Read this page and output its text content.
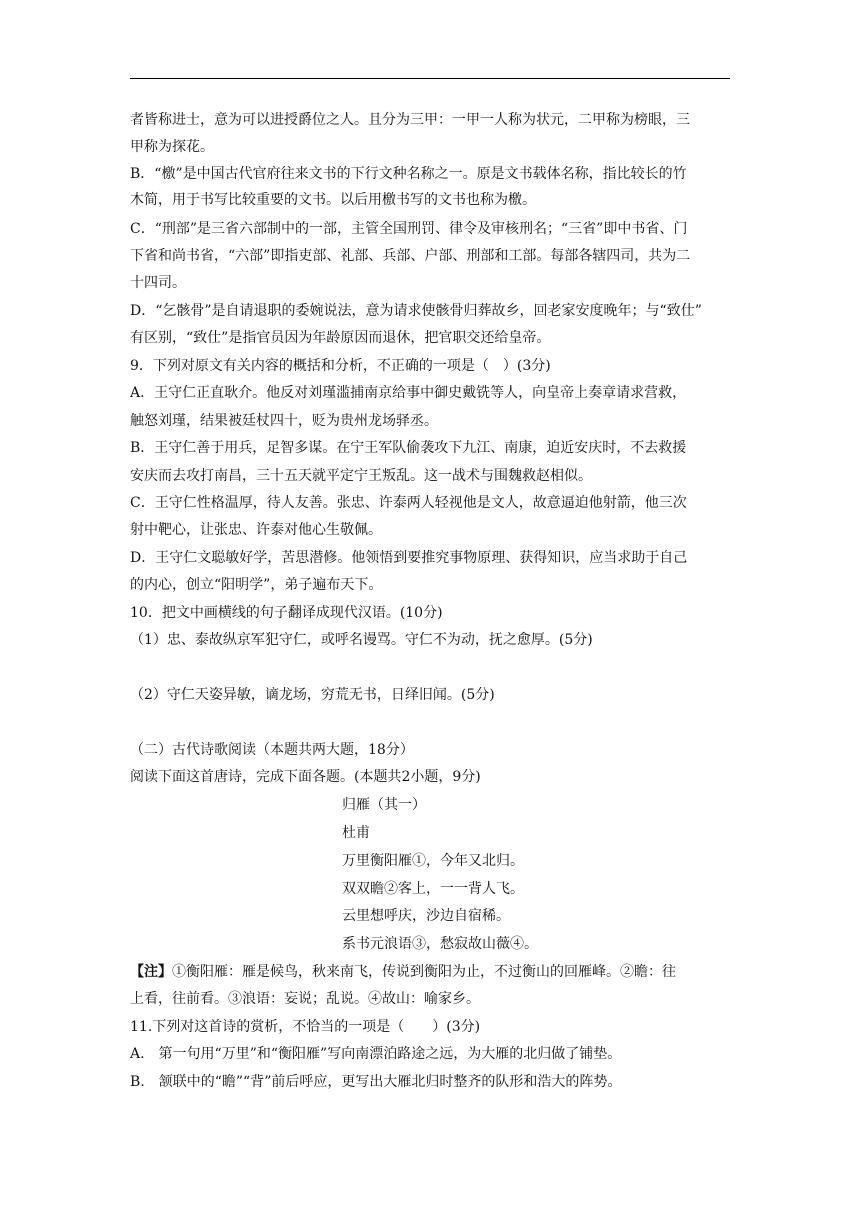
者皆称进士，意为可以进授爵位之人。且分为三甲：一甲一人称为状元，二甲称为榜眼，三
甲称为探花。
B．“檄”是中国古代官府往来文书的下行文种名称之一。原是文书载体名称，指比较长的竹
木简，用于书写比较重要的文书。以后用檄书写的文书也称为檄。
C．“刑部”是三省六部制中的一部，主管全国刑罚、律令及审核刑名；“三省”即中书省、门
下省和尚书省，“六部”即指吏部、礼部、兵部、户部、刑部和工部。每部各辖四司，共为二
十四司。
D．“乞骸骨”是自请退职的委婉说法，意为请求使骸骨归葬故乡，回老家安度晚年；与“致仕”
有区别，“致仕”是指官员因为年龄原因而退休，把官职交还给皇帝。
9．下列对原文有关内容的概括和分析，不正确的一项是（　）(3分)
A．王守仁正直耿介。他反对刘瑾滥捕南京给事中御史戴铣等人，向皇帝上奏章请求营救，
触怒刘瑾，结果被廷杖四十，贬为贵州龙场驿丞。
B．王守仁善于用兵，足智多谋。在宁王军队偷袭攻下九江、南康，迫近安庆时，不去救援
安庆而去攻打南昌，三十五天就平定宁王叛乱。这一战术与围魏救赵相似。
C．王守仁性格温厚，待人友善。张忠、许泰两人轻视他是文人，故意逼迫他射箭，他三次
射中靶心，让张忠、许泰对他心生敬佩。
D．王守仁文聪敏好学，苦思潜修。他领悟到要推究事物原理、获得知识，应当求助于自己
的内心，创立“阳明学”，弟子遍布天下。
10．把文中画横线的句子翻译成现代汉语。(10分)
（1）忠、泰故纵京军犯守仁，或呼名谩骂。守仁不为动，抚之愈厚。(5分)
（2）守仁天姿异敏，谪龙场，穷荒无书，日绎旧闻。(5分)
（二）古代诗歌阅读（本题共两大题，18分）
阅读下面这首唐诗，完成下面各题。(本题共2小题，9分)
归雁（其一）
杜甫
万里衡阳雁①，今年又北归。
双双瞻②客上，一一背人飞。
云里想呼庆，沙边自宿稀。
系书元浪语③，愁寂故山薇④。
【注】①衡阳雁：雁是候鸟，秋来南飞，传说到衡阳为止，不过衡山的回雁峰。②瞻：往
上看，往前看。③浪语：妄说；乱说。④故山：喻家乡。
11.下列对这首诗的赏析，不恰当的一项是（　　）(3分)
A.　第一句用“万里”和“衡阳雁”写向南漂泊路途之远，为大雁的北归做了铺垫。
B.　颔联中的“瞻”“背”前后呼应，更写出大雁北归时整齐的队形和浩大的阵势。
